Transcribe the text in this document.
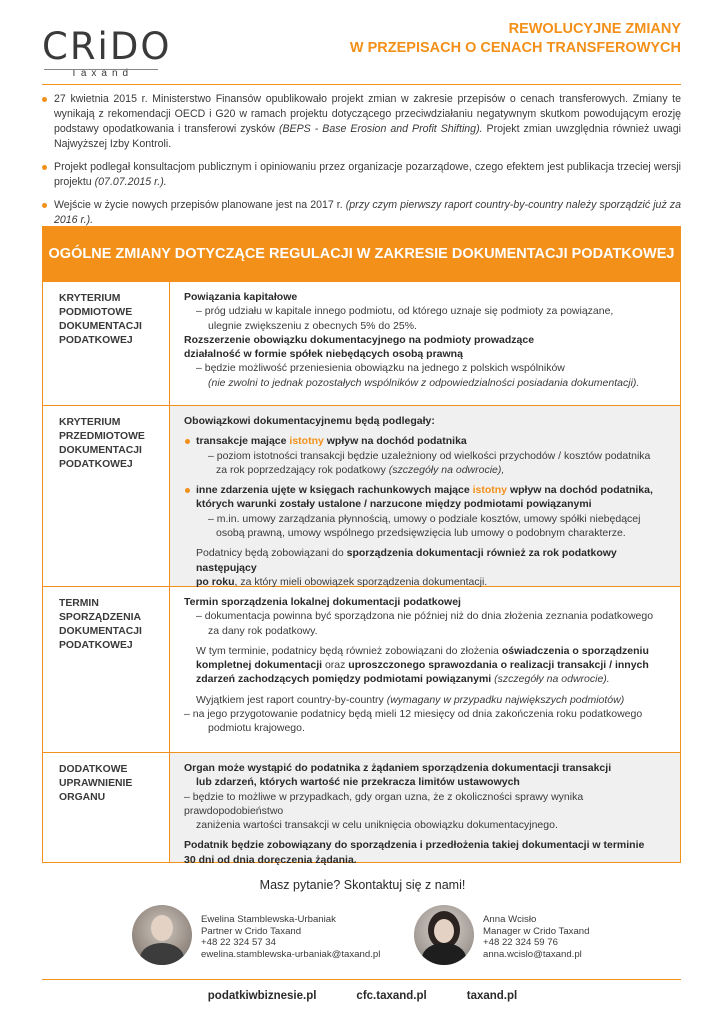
CRiDO
Taxand
REWOLUCYJNE ZMIANY
W PRZEPISACH O CENACH TRANSFEROWYCH
27 kwietnia 2015 r. Ministerstwo Finansów opublikowało projekt zmian w zakresie przepisów o cenach transferowych. Zmiany te wynikają z rekomendacji OECD i G20 w ramach projektu dotyczącego przeciwdziałaniu negatywnym skutkom powodującym erozję podstawy opodatkowania i transferowi zysków (BEPS - Base Erosion and Profit Shifting). Projekt zmian uwzględnia również uwagi Najwyższej Izby Kontroli.
Projekt podlegał konsultacjom publicznym i opiniowaniu przez organizacje pozarządowe, czego efektem jest publikacja trzeciej wersji projektu (07.07.2015 r.).
Wejście w życie nowych przepisów planowane jest na 2017 r. (przy czym pierwszy raport country-by-country należy sporządzić już za 2016 r.).
OGÓLNE ZMIANY DOTYCZĄCE REGULACJI W ZAKRESIE DOKUMENTACJI PODATKOWEJ
KRYTERIUM PODMIOTOWE DOKUMENTACJI PODATKOWEJ
Powiązania kapitałowe
– próg udziału w kapitale innego podmiotu, od którego uznaje się podmioty za powiązane,
ulegnie zwiększeniu z obecnych 5% do 25%.
Rozszerzenie obowiązku dokumentacyjnego na podmioty prowadzące
działalność w formie spółek niebędących osobą prawną
– będzie możliwość przeniesienia obowiązku na jednego z polskich wspólników
(nie zwolni to jednak pozostałych wspólników z odpowiedzialności posiadania dokumentacji).
KRYTERIUM PRZEDMIOTOWE DOKUMENTACJI PODATKOWEJ
Obowiązkowi dokumentacyjnemu będą podlegały:
transakcje mające istotny wpływ na dochód podatnika
– poziom istotności transakcji będzie uzależniony od wielkości przychodów / kosztów podatnika
za rok poprzedzający rok podatkowy (szczegóły na odwrocie),
inne zdarzenia ujęte w księgach rachunkowych mające istotny wpływ na dochód podatnika,
których warunki zostały ustalone / narzucone między podmiotami powiązanymi
– m.in. umowy zarządzania płynnością, umowy o podziale kosztów, umowy spółki niebędącej
osobą prawną, umowy wspólnego przedsięwzięcia lub umowy o podobnym charakterze.
Podatnicy będą zobowiązani do sporządzenia dokumentacji również za rok podatkowy następujący
po roku, za który mieli obowiązek sporządzenia dokumentacji.
TERMIN SPORZĄDZENIA DOKUMENTACJI PODATKOWEJ
Termin sporządzenia lokalnej dokumentacji podatkowej
– dokumentacja powinna być sporządzona nie później niż do dnia złożenia zeznania podatkowego
za dany rok podatkowy.
W tym terminie, podatnicy będą również zobowiązani do złożenia oświadczenia o sporządzeniu
kompletnej dokumentacji oraz uproszczonego sprawozdania o realizacji transakcji / innych
zdarzeń zachodzących pomiędzy podmiotami powiązanymi (szczegóły na odwrocie).
Wyjątkiem jest raport country-by-country (wymagany w przypadku największych podmiotów)
– na jego przygotowanie podatnicy będą mieli 12 miesięcy od dnia zakończenia roku podatkowego
podmiotu krajowego.
DODATKOWE UPRAWNIENIE ORGANU
Organ może wystąpić do podatnika z żądaniem sporządzenia dokumentacji transakcji
lub zdarzeń, których wartość nie przekracza limitów ustawowych
– będzie to możliwe w przypadkach, gdy organ uzna, że z okoliczności sprawy wynika prawdopodobieństwo
zaniżenia wartości transakcji w celu uniknięcia obowiązku dokumentacyjnego.
Podatnik będzie zobowiązany do sporządzenia i przedłożenia takiej dokumentacji w terminie
30 dni od dnia doręczenia żądania.
Masz pytanie? Skontaktuj się z nami!
Ewelina Stamblewska-Urbaniak
Partner w Crido Taxand
+48 22 324 57 34
ewelina.stamblewska-urbaniak@taxand.pl
Anna Wcisło
Manager w Crido Taxand
+48 22 324 59 76
anna.wcislo@taxand.pl
podatkiwbiznesie.pl	cfc.taxand.pl	taxand.pl
